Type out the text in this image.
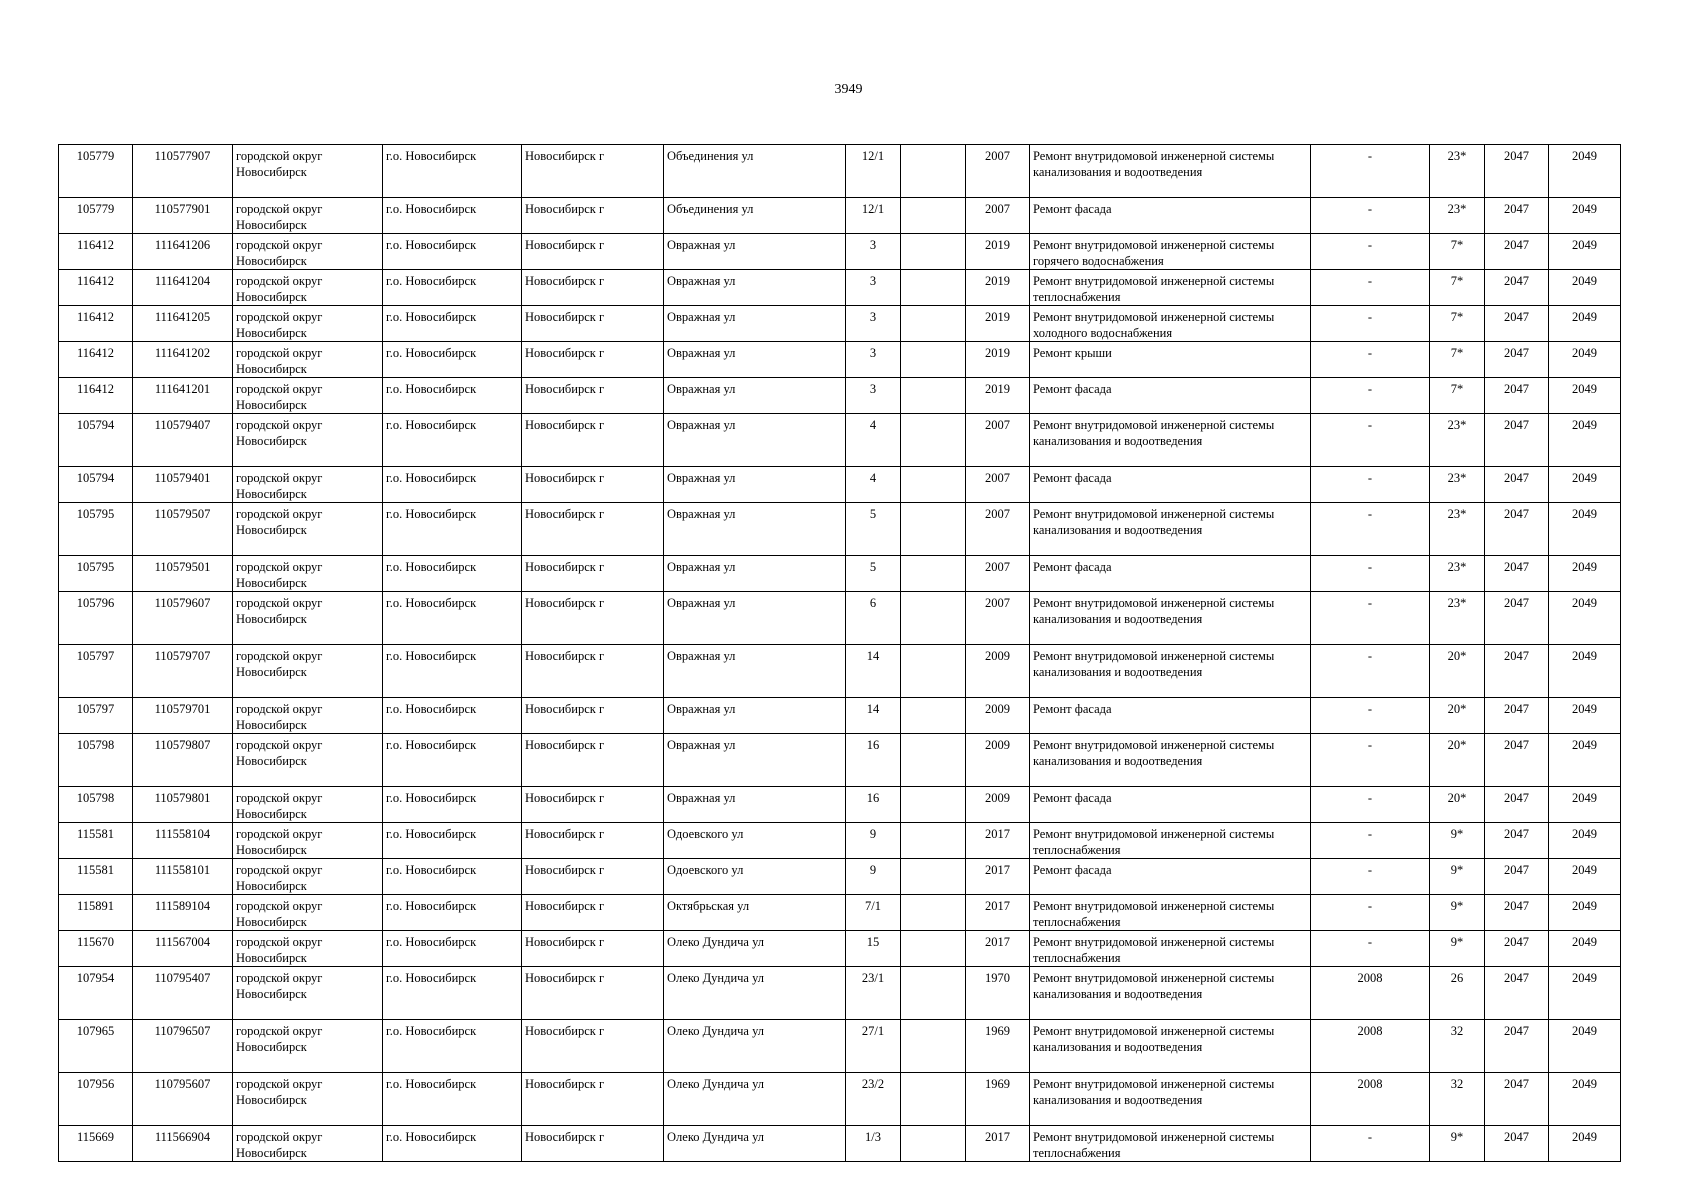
3949
105779	110577907	городской округ Новосибирск	г.о. Новосибирск	Новосибирск г	Объединения ул	12/1		2007	Ремонт внутридомовой инженерной системы канализования и водоотведения	-	23*	2047	2049
105779	110577901	городской округ Новосибирск	г.о. Новосибирск	Новосибирск г	Объединения ул	12/1		2007	Ремонт фасада	-	23*	2047	2049
116412	111641206	городской округ Новосибирск	г.о. Новосибирск	Новосибирск г	Овражная ул	3		2019	Ремонт внутридомовой инженерной системы горячего водоснабжения	-	7*	2047	2049
116412	111641204	городской округ Новосибирск	г.о. Новосибирск	Новосибирск г	Овражная ул	3		2019	Ремонт внутридомовой инженерной системы теплоснабжения	-	7*	2047	2049
116412	111641205	городской округ Новосибирск	г.о. Новосибирск	Новосибирск г	Овражная ул	3		2019	Ремонт внутридомовой инженерной системы холодного водоснабжения	-	7*	2047	2049
116412	111641202	городской округ Новосибирск	г.о. Новосибирск	Новосибирск г	Овражная ул	3		2019	Ремонт крыши	-	7*	2047	2049
116412	111641201	городской округ Новосибирск	г.о. Новосибирск	Новосибирск г	Овражная ул	3		2019	Ремонт фасада	-	7*	2047	2049
105794	110579407	городской округ Новосибирск	г.о. Новосибирск	Новосибирск г	Овражная ул	4		2007	Ремонт внутридомовой инженерной системы канализования и водоотведения	-	23*	2047	2049
105794	110579401	городской округ Новосибирск	г.о. Новосибирск	Новосибирск г	Овражная ул	4		2007	Ремонт фасада	-	23*	2047	2049
105795	110579507	городской округ Новосибирск	г.о. Новосибирск	Новосибирск г	Овражная ул	5		2007	Ремонт внутридомовой инженерной системы канализования и водоотведения	-	23*	2047	2049
105795	110579501	городской округ Новосибирск	г.о. Новосибирск	Новосибирск г	Овражная ул	5		2007	Ремонт фасада	-	23*	2047	2049
105796	110579607	городской округ Новосибирск	г.о. Новосибирск	Новосибирск г	Овражная ул	6		2007	Ремонт внутридомовой инженерной системы канализования и водоотведения	-	23*	2047	2049
105797	110579707	городской округ Новосибирск	г.о. Новосибирск	Новосибирск г	Овражная ул	14		2009	Ремонт внутридомовой инженерной системы канализования и водоотведения	-	20*	2047	2049
105797	110579701	городской округ Новосибирск	г.о. Новосибирск	Новосибирск г	Овражная ул	14		2009	Ремонт фасада	-	20*	2047	2049
105798	110579807	городской округ Новосибирск	г.о. Новосибирск	Новосибирск г	Овражная ул	16		2009	Ремонт внутридомовой инженерной системы канализования и водоотведения	-	20*	2047	2049
105798	110579801	городской округ Новосибирск	г.о. Новосибирск	Новосибирск г	Овражная ул	16		2009	Ремонт фасада	-	20*	2047	2049
115581	111558104	городской округ Новосибирск	г.о. Новосибирск	Новосибирск г	Одоевского ул	9		2017	Ремонт внутридомовой инженерной системы теплоснабжения	-	9*	2047	2049
115581	111558101	городской округ Новосибирск	г.о. Новосибирск	Новосибирск г	Одоевского ул	9		2017	Ремонт фасада	-	9*	2047	2049
115891	111589104	городской округ Новосибирск	г.о. Новосибирск	Новосибирск г	Октябрьская ул	7/1		2017	Ремонт внутридомовой инженерной системы теплоснабжения	-	9*	2047	2049
115670	111567004	городской округ Новосибирск	г.о. Новосибирск	Новосибирск г	Олеко Дундича ул	15		2017	Ремонт внутридомовой инженерной системы теплоснабжения	-	9*	2047	2049
107954	110795407	городской округ Новосибирск	г.о. Новосибирск	Новосибирск г	Олеко Дундича ул	23/1		1970	Ремонт внутридомовой инженерной системы канализования и водоотведения	2008	26	2047	2049
107965	110796507	городской округ Новосибирск	г.о. Новосибирск	Новосибирск г	Олеко Дундича ул	27/1		1969	Ремонт внутридомовой инженерной системы канализования и водоотведения	2008	32	2047	2049
107956	110795607	городской округ Новосибирск	г.о. Новосибирск	Новосибирск г	Олеко Дундича ул	23/2		1969	Ремонт внутридомовой инженерной системы канализования и водоотведения	2008	32	2047	2049
115669	111566904	городской округ Новосибирск	г.о. Новосибирск	Новосибирск г	Олеко Дундича ул	1/3		2017	Ремонт внутридомовой инженерной системы теплоснабжения	-	9*	2047	2049
